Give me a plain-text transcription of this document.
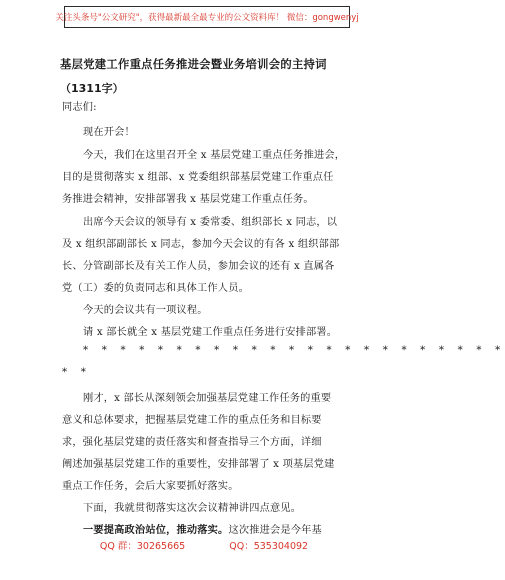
关注头条号"公文研究"，获得最新最全最专业的公文资料库！ 微信：gongwenyj
基层党建工作重点任务推进会暨业务培训会的主持词
（1311字）
同志们:
现在开会！
今天，我们在这里召开全 x 基层党建工重点任务推进会，
目的是贯彻落实 x 组部、x 党委组织部基层党建工作重点任
务推进会精神，安排部署我 x 基层党建工作重点任务。
出席今天会议的领导有 x 委常委、组织部长 x 同志，以
及 x 组织部副部长 x 同志，参加今天会议的有各 x 组织部部
长、分管副部长及有关工作人员，参加会议的还有 x 直属各
党（工）委的负责同志和具体工作人员。
今天的会议共有一项议程。
请 x 部长就全 x 基层党建工作重点任务进行安排部署。
* * * * * * * * * * * * * * * * * * * * * * *
* *
刚才，x 部长从深刻领会加强基层党建工作任务的重要
意义和总体要求，把握基层党建工作的重点任务和目标要
求，强化基层党建的责任落实和督查指导三个方面，详细
阐述加强基层党建工作的重要性，安排部署了 x 项基层党建
重点工作任务，会后大家要抓好落实。
下面，我就贯彻落实这次会议精神讲四点意见。
一要提高政治站位，推动落实。这次推进会是今年基
QQ 群：30265665	QQ：535304092
